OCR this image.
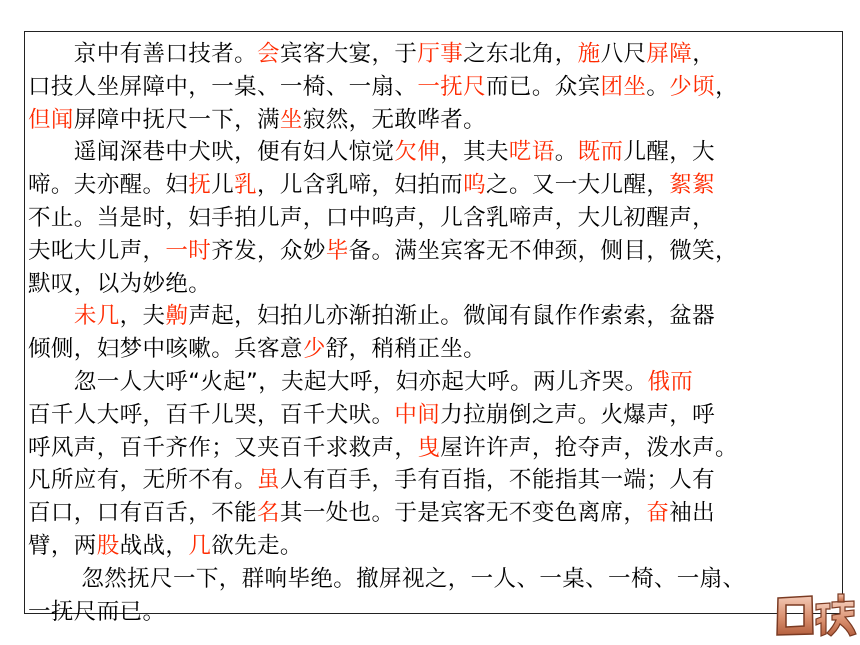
　　京中有善口技者。会宾客大宴，于厅事之东北角，施八尺屏障，
口技人坐屏障中，一桌、一椅、一扇、一抚尺而已。众宾团坐。少顷，
但闻屏障中抚尺一下，满坐寂然，无敢哗者。
　　遥闻深巷中犬吠，便有妇人惊觉欠伸，其夫呓语。既而儿醒，大
啼。夫亦醒。妇抚儿乳，儿含乳啼，妇拍而呜之。又一大儿醒，絮絮
不止。当是时，妇手拍儿声，口中呜声，儿含乳啼声，大儿初醒声，
夫叱大儿声，一时齐发，众妙毕备。满坐宾客无不伸颈，侧目，微笑，
默叹，以为妙绝。
　　未几，夫齁声起，妇拍儿亦渐拍渐止。微闻有鼠作作索索，盆器
倾侧，妇梦中咳嗽。兵客意少舒，稍稍正坐。
　　忽一人大呼“火起”，夫起大呼，妇亦起大呼。两儿齐哭。俄而
百千人大呼，百千儿哭，百千犬吠。中间力拉崩倒之声。火爆声，呼
呼风声，百千齐作；又夹百千求救声，曳屋许许声，抢夺声，泼水声。
凡所应有，无所不有。虽人有百手，手有百指，不能指其一端；人有
百口，口有百舌，不能名其一处也。于是宾客无不变色离席，奋袖出
臂，两股战战，几欲先走。
　　 忽然抚尺一下，群响毕绝。撤屏视之，一人、一桌、一椅、一扇、
一抚尺而已。
